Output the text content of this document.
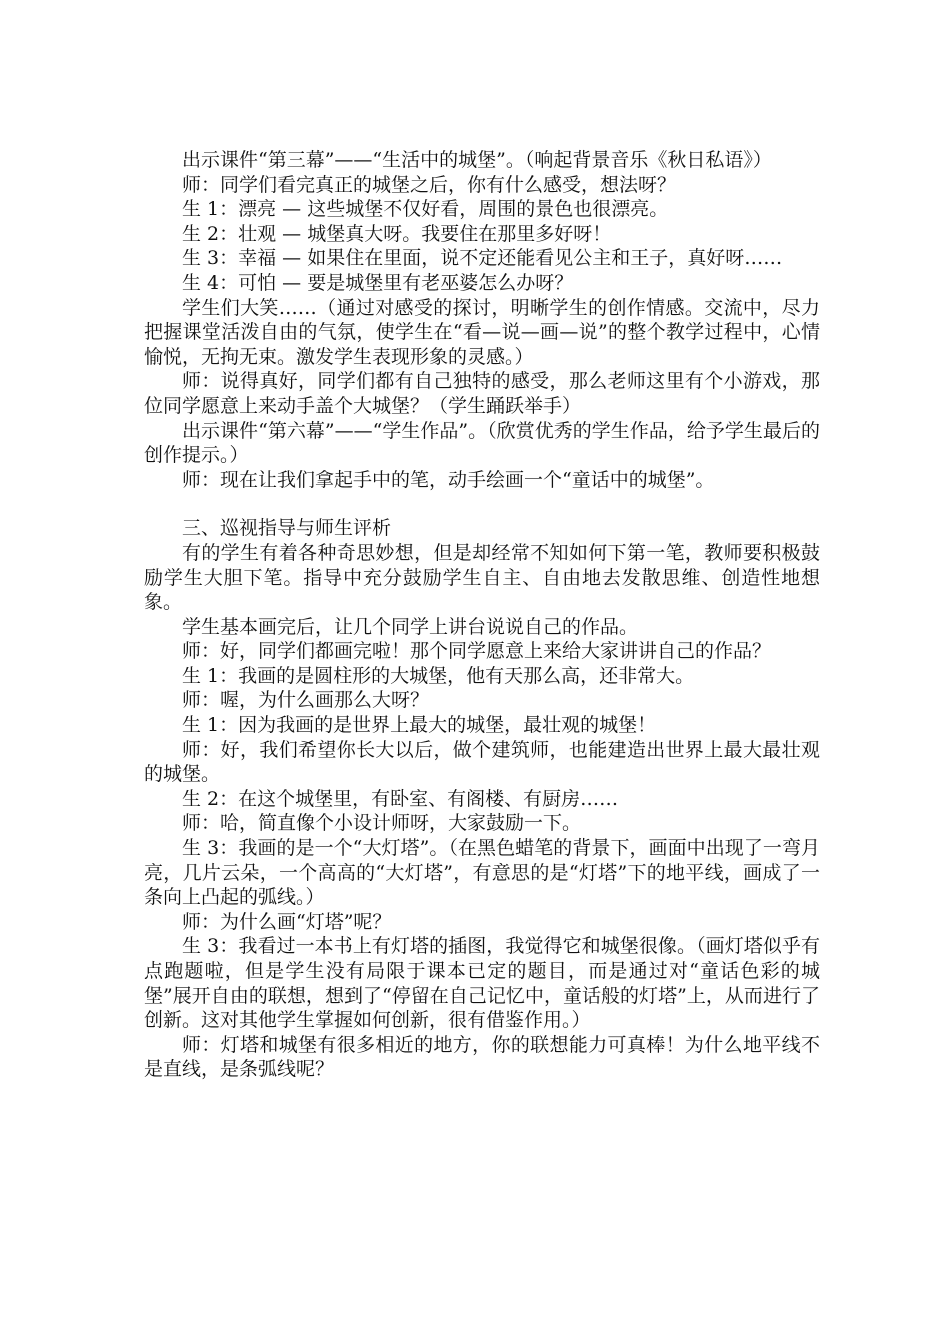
出示课件“第三幕”——“生活中的城堡”。（响起背景音乐《秋日私语》）

师：同学们看完真正的城堡之后，你有什么感受，想法呀？

生 1：漂亮 — 这些城堡不仅好看，周围的景色也很漂亮。

生 2：壮观 — 城堡真大呀。我要住在那里多好呀！

生 3：幸福 — 如果住在里面，说不定还能看见公主和王子，真好呀……

生 4：可怕 — 要是城堡里有老巫婆怎么办呀？

学生们大笑……（通过对感受的探讨，明晰学生的创作情感。交流中，尽力把握课堂活泼自由的气氛，使学生在“看—说—画—说”的整个教学过程中，心情愉悦，无拘无束。激发学生表现形象的灵感。）

师：说得真好，同学们都有自己独特的感受，那么老师这里有个小游戏，那位同学愿意上来动手盖个大城堡？（学生踊跃举手）

出示课件“第六幕”——“学生作品”。（欣赏优秀的学生作品，给予学生最后的创作提示。）

师：现在让我们拿起手中的笔，动手绘画一个“童话中的城堡”。

三、巡视指导与师生评析

有的学生有着各种奇思妙想，但是却经常不知如何下第一笔，教师要积极鼓励学生大胆下笔。指导中充分鼓励学生自主、自由地去发散思维、创造性地想象。

学生基本画完后，让几个同学上讲台说说自己的作品。

师：好，同学们都画完啦！那个同学愿意上来给大家讲讲自己的作品？

生 1：我画的是圆柱形的大城堡，他有天那么高，还非常大。

师：喔，为什么画那么大呀？

生 1：因为我画的是世界上最大的城堡，最壮观的城堡！

师：好，我们希望你长大以后，做个建筑师，也能建造出世界上最大最壮观的城堡。

生 2：在这个城堡里，有卧室、有阁楼、有厨房……

师：哈，简直像个小设计师呀，大家鼓励一下。

生 3：我画的是一个“大灯塔”。（在黑色蜡笔的背景下，画面中出现了一弯月亮，几片云朵，一个高高的“大灯塔”，有意思的是“灯塔”下的地平线，画成了一条向上凸起的弧线。）

师：为什么画“灯塔”呢？

生 3：我看过一本书上有灯塔的插图，我觉得它和城堡很像。（画灯塔似乎有点跑题啦，但是学生没有局限于课本已定的题目，而是通过对“童话色彩的城堡”展开自由的联想，想到了“停留在自己记忆中，童话般的灯塔”上，从而进行了创新。这对其他学生掌握如何创新，很有借鉴作用。）

师：灯塔和城堡有很多相近的地方，你的联想能力可真棒！为什么地平线不是直线，是条弧线呢？
